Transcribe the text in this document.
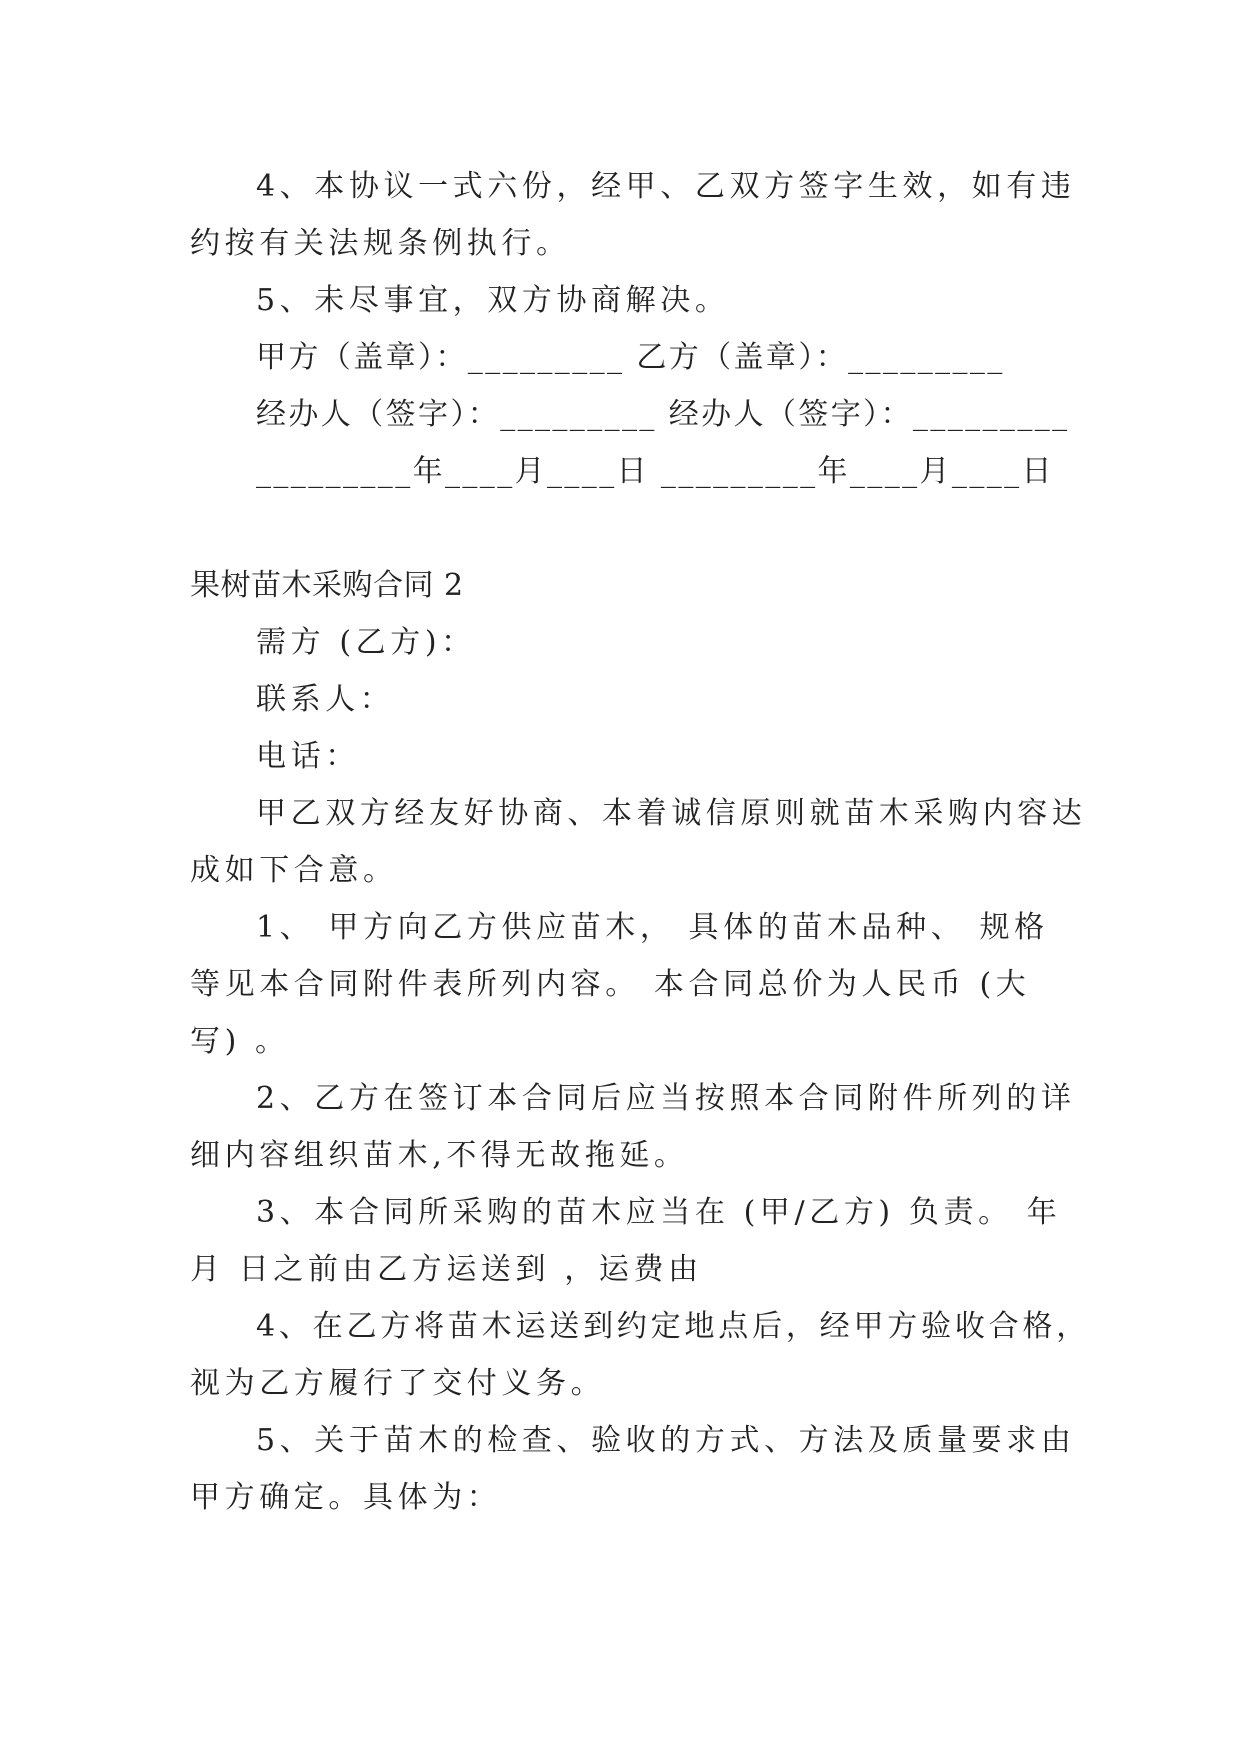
4、本协议一式六份，经甲、乙双方签字生效，如有违
约按有关法规条例执行。
5、未尽事宜，双方协商解决。
甲方（盖章）：_________ 乙方（盖章）：_________
经办人（签字）：_________ 经办人（签字）：_________
_________年____月____日 _________年____月____日
果树苗木采购合同 2
需方 (乙方)：
联系人：
电话：
甲乙双方经友好协商、本着诚信原则就苗木采购内容达
成如下合意。
1、 甲方向乙方供应苗木， 具体的苗木品种、 规格
等见本合同附件表所列内容。 本合同总价为人民币 (大
写) 。
2、乙方在签订本合同后应当按照本合同附件所列的详
细内容组织苗木,不得无故拖延。
3、本合同所采购的苗木应当在 (甲/乙方) 负责。 年
月 日之前由乙方运送到 ，运费由
4、在乙方将苗木运送到约定地点后，经甲方验收合格，
视为乙方履行了交付义务。
5、关于苗木的检查、验收的方式、方法及质量要求由
甲方确定。具体为：
